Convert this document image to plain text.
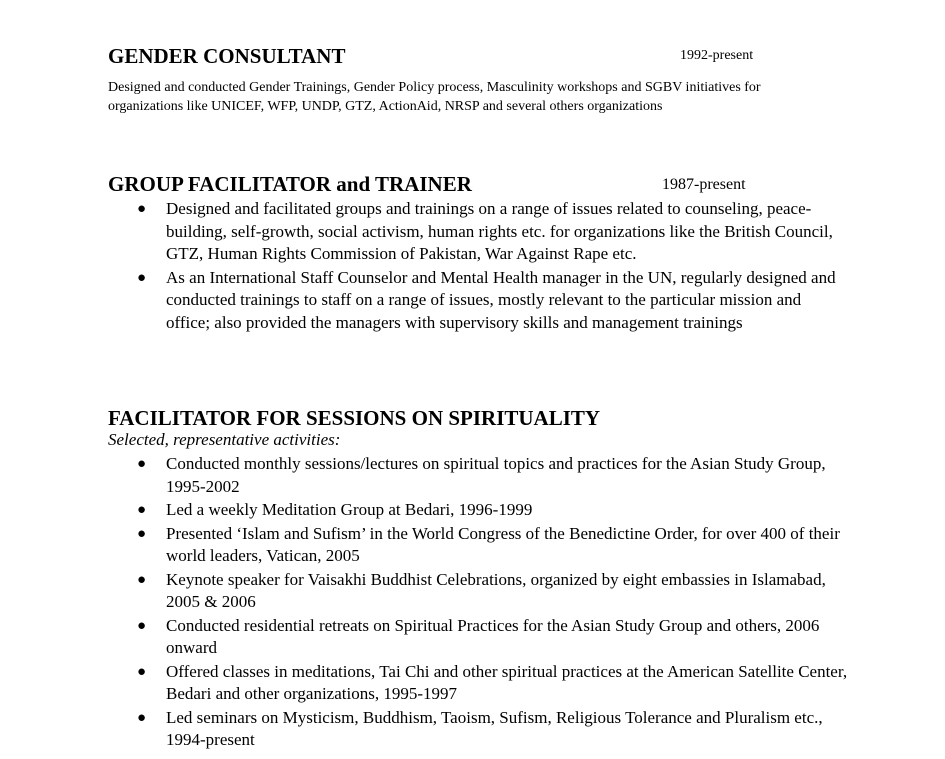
GENDER CONSULTANT	1992-present

Designed and conducted Gender Trainings, Gender Policy process, Masculinity workshops and SGBV initiatives for organizations like UNICEF, WFP, UNDP, GTZ, ActionAid, NRSP and several others organizations

GROUP FACILITATOR and TRAINER	1987-present
● Designed and facilitated groups and trainings on a range of issues related to counseling, peace-building, self-growth, social activism, human rights etc. for organizations like the British Council, GTZ, Human Rights Commission of Pakistan, War Against Rape etc.
● As an International Staff Counselor and Mental Health manager in the UN, regularly designed and conducted trainings to staff on a range of issues, mostly relevant to the particular mission and office; also provided the managers with supervisory skills and management trainings
FACILITATOR FOR SESSIONS ON SPIRITUALITY

Selected, representative activities:

● Conducted monthly sessions/lectures on spiritual topics and practices for the Asian Study Group, 1995-2002
● Led a weekly Meditation Group at Bedari, 1996-1999
● Presented ‘Islam and Sufism’ in the World Congress of the Benedictine Order, for over 400 of their world leaders, Vatican, 2005
● Keynote speaker for Vaisakhi Buddhist Celebrations, organized by eight embassies in Islamabad, 2005 & 2006
● Conducted residential retreats on Spiritual Practices for the Asian Study Group and others, 2006 onward
● Offered classes in meditations, Tai Chi and other spiritual practices at the American Satellite Center, Bedari and other organizations, 1995-1997
● Led seminars on Mysticism, Buddhism, Taoism, Sufism, Religious Tolerance and Pluralism etc., 1994-present
